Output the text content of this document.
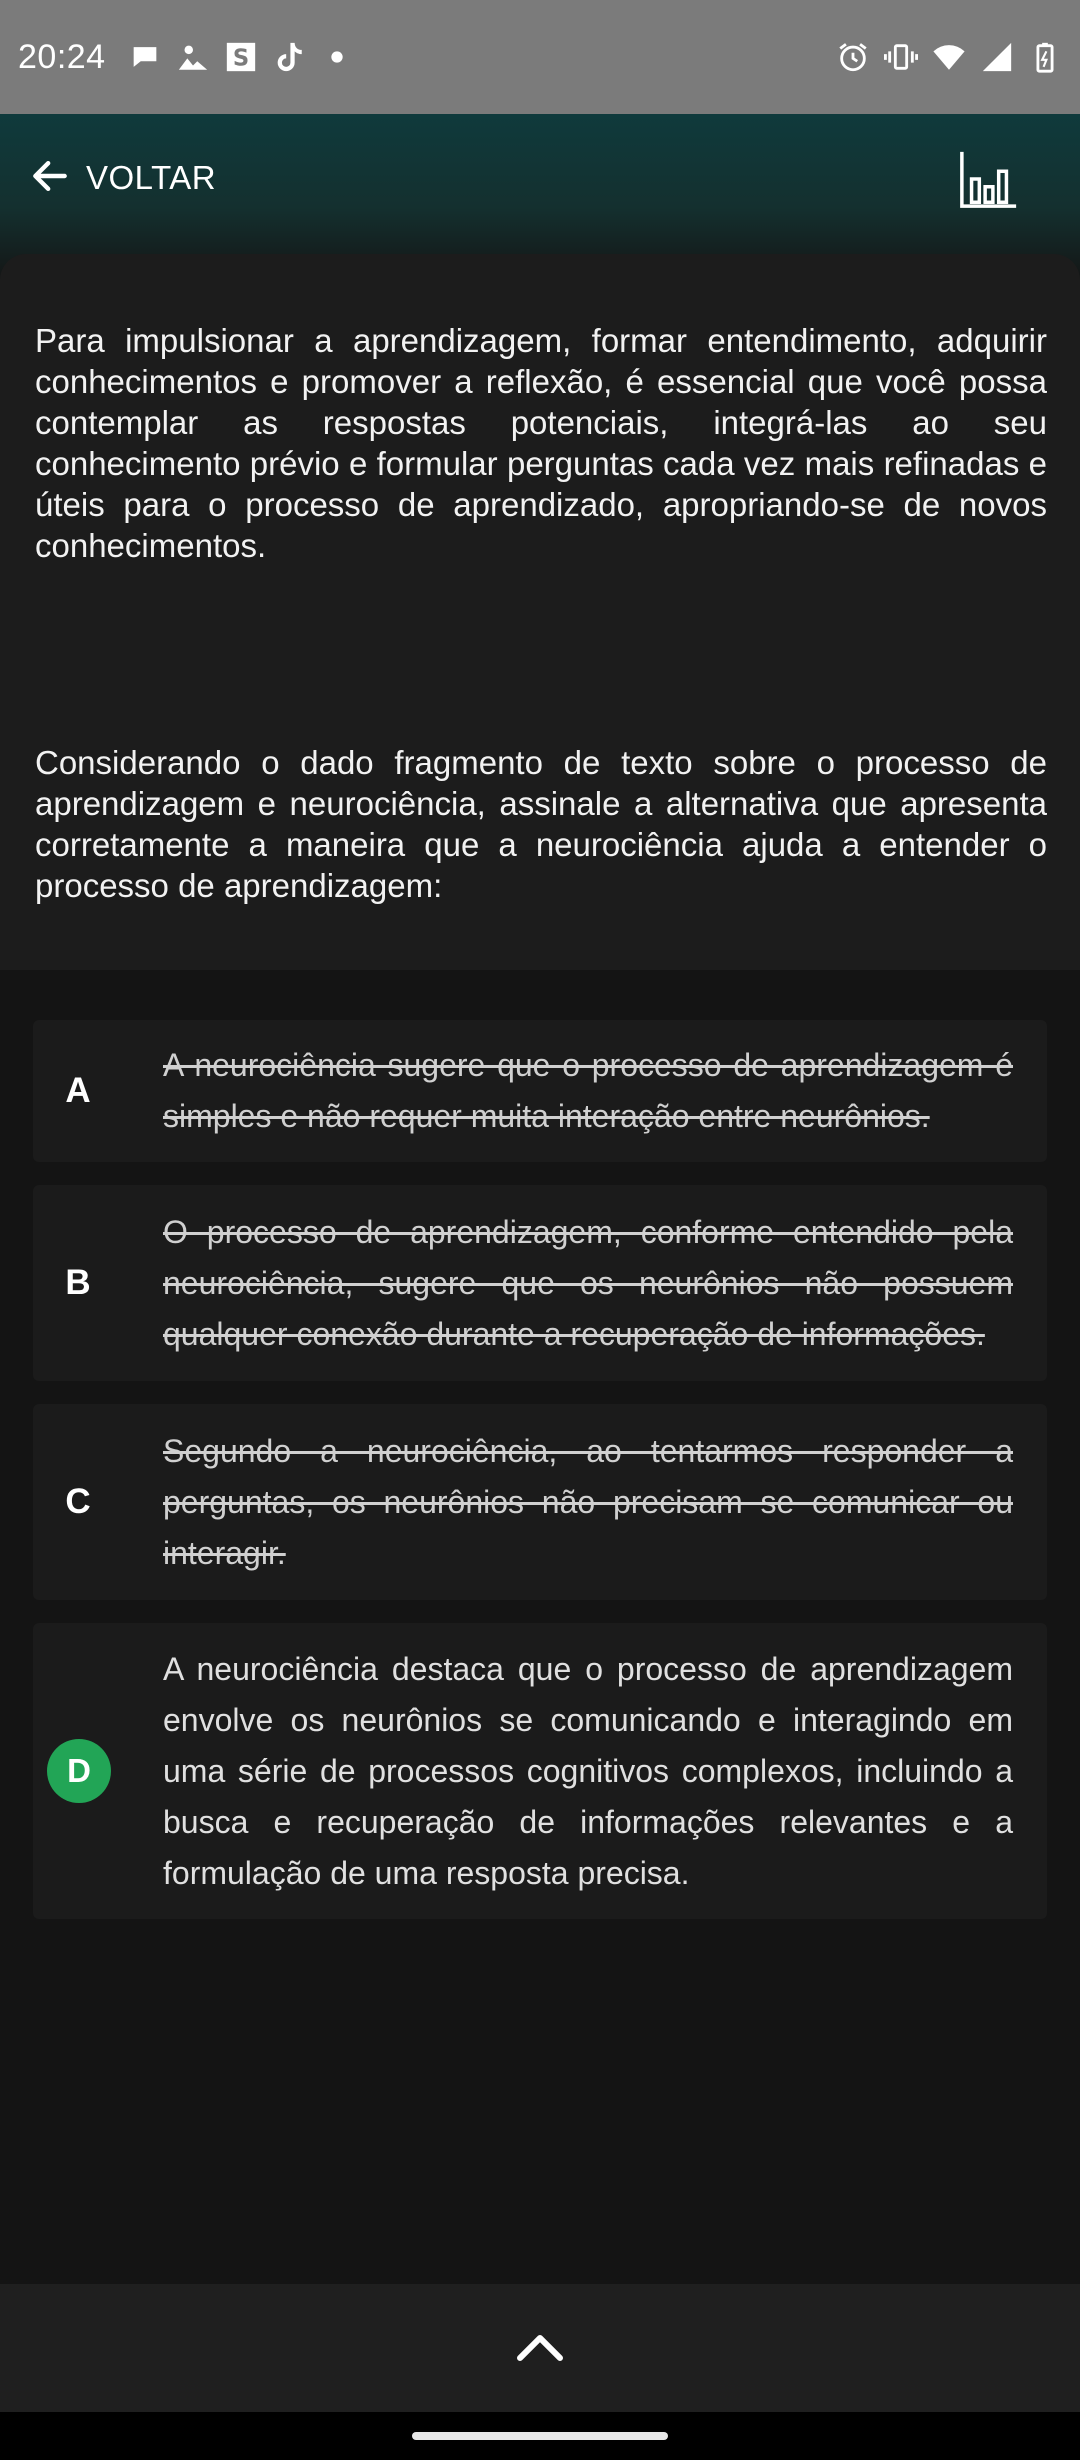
20:24	S
VOLTAR

Para impulsionar a aprendizagem, formar entendimento, adquirir conhecimentos e promover a reflexão, é essencial que você possa contemplar as respostas potenciais, integrá-las ao seu conhecimento prévio e formular perguntas cada vez mais refinadas e úteis para o processo de aprendizado, apropriando-se de novos conhecimentos.

Considerando o dado fragmento de texto sobre o processo de aprendizagem e neurociência, assinale a alternativa que apresenta corretamente a maneira que a neurociência ajuda a entender o processo de aprendizagem:

A
A neurociência sugere que o processo de aprendizagem é simples e não requer muita interação entre neurônios.
B
O processo de aprendizagem, conforme entendido pela neurociência, sugere que os neurônios não possuem qualquer conexão durante a recuperação de informações.
C
Segundo a neurociência, ao tentarmos responder a perguntas, os neurônios não precisam se comunicar ou interagir.
D
A neurociência destaca que o processo de aprendizagem envolve os neurônios se comunicando e interagindo em uma série de processos cognitivos complexos, incluindo a busca e recuperação de informações relevantes e a formulação de uma resposta precisa.
